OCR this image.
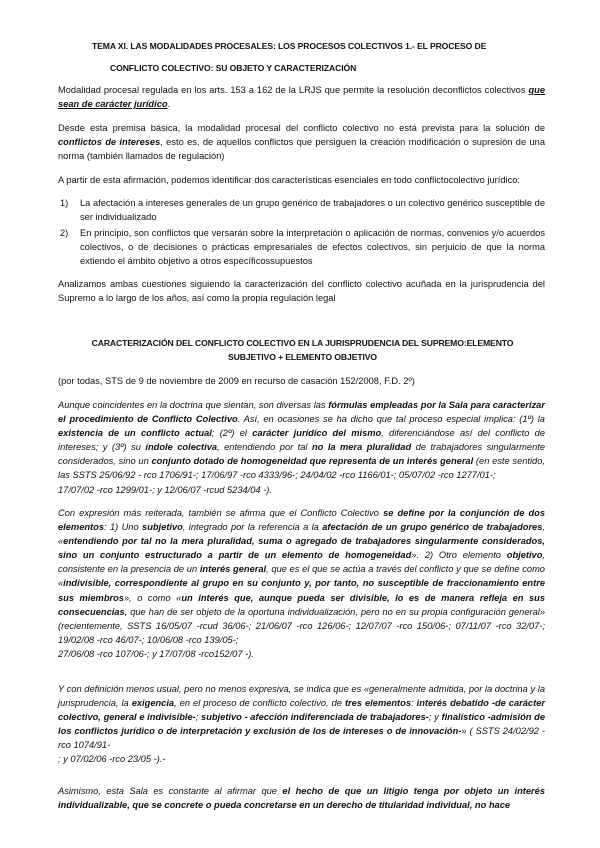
TEMA XI. LAS MODALIDADES PROCESALES: LOS PROCESOS COLECTIVOS 1.- EL PROCESO DE

CONFLICTO COLECTIVO: SU OBJETO Y CARACTERIZACIÓN

Modalidad procesal regulada en los arts. 153 a 162 de la LRJS que permite la resolución deconflictos colectivos que sean de carácter jurídico.

Desde esta premisa básica, la modalidad procesal del conflicto colectivo no está prevista para la solución de conflictos de intereses, esto es, de aquellos conflictos que persiguen la creación modificación o supresión de una norma (también llamados de regulación)

A partir de esta afirmación, podemos identificar dos características esenciales en todo conflictocolectivo jurídico:

1) La afectación a intereses generales de un grupo genérico de trabajadores o un colectivo genérico susceptible de ser individualizado
2) En principio, son conflictos que versarán sobre la interpretación o aplicación de normas, convenios y/o acuerdos colectivos, o de decisiones o prácticas empresariales de efectos colectivos, sin perjuicio de que la norma extiendo el ámbito objetivo a otros específicossupuestos

Analizamos ambas cuestiones siguiendo la caracterización del conflicto colectivo acuñada en la jurisprudencia del Supremo a lo largo de los años, así como la propia regulación legal

CARACTERIZACIÓN DEL CONFLICTO COLECTIVO EN LA JURISPRUDENCIA DEL SUPREMO:ELEMENTO

SUBJETIVO + ELEMENTO OBJETIVO

(por todas, STS de 9 de noviembre de 2009 en recurso de casación 152/2008, F.D. 2º)

Aunque coincidentes en la doctrina que sientan, son diversas las fórmulas empleadas por la Sala para caracterizar el procedimiento de Conflicto Colectivo. Así, en ocasiones se ha dicho que tal proceso especial implica: (1º) la existencia de un conflicto actual; (2º) el carácter jurídico del mismo, diferenciándose así del conflicto de intereses; y (3º) su índole colectiva, entendiendo por tal no la mera pluralidad de trabajadores singularmente considerados, sino un conjunto dotado de homogeneidad que representa de un interés general (en este sentido, las SSTS 25/06/92 - rco 1706/91-; 17/06/97 -rco 4333/96-; 24/04/02 -rco 1166/01-; 05/07/02 -rco 1277/01-;

17/07/02 -rco 1299/01-; y 12/06/07 -rcud 5234/04 -).

Con expresión más reiterada, también se afirma que el Conflicto Colectivo se define por la conjunción de dos elementos: 1) Uno subjetivo, integrado por la referencia a la afectación de un grupo genérico de trabajadores, «entendiendo por tal no la mera pluralidad, suma o agregado de trabajadores singularmente considerados, sino un conjunto estructurado a partir de un elemento de homogeneidad». 2) Otro elemento objetivo, consistente en la presencia de un interés general, que es el que se actúa a través del conflicto y que se define como «indivisible, correspondiente al grupo en su conjunto y, por tanto, no susceptible de fraccionamiento entre sus miembros», o como «un interés que, aunque pueda ser divisible, lo es de manera refleja en sus consecuencias, que han de ser objeto de la oportuna individualización, pero no en su propia configuración general» (recientemente, SSTS 16/05/07 -rcud 36/06-; 21/06/07 -rco 126/06-; 12/07/07 -rco 150/06-; 07/11/07 -rco 32/07-; 19/02/08 -rco 46/07-; 10/06/08 -rco 139/05-;

27/06/08 -rco 107/06-; y 17/07/08 -rco152/07 -).

Y con definición menos usual, pero no menos expresiva, se indica que es «generalmente admitida, por la doctrina y la jurisprudencia, la exigencia, en el proceso de conflicto colectivo, de tres elementos: interés debatido -de carácter colectivo, general e indivisible-; subjetivo - afección indiferenciada de trabajadores-; y finalístico -admisión de los conflictos jurídico o de interpretación y exclusión de los de intereses o de innovación-» ( SSTS 24/02/92 -rco 1074/91-

; y 07/02/06 -rco 23/05 -).-

Asimismo, esta Sala es constante al afirmar que el hecho de que un litigio tenga por objeto un interés individualizable, que se concrete o pueda concretarse en un derecho de titularidad individual, no hace
